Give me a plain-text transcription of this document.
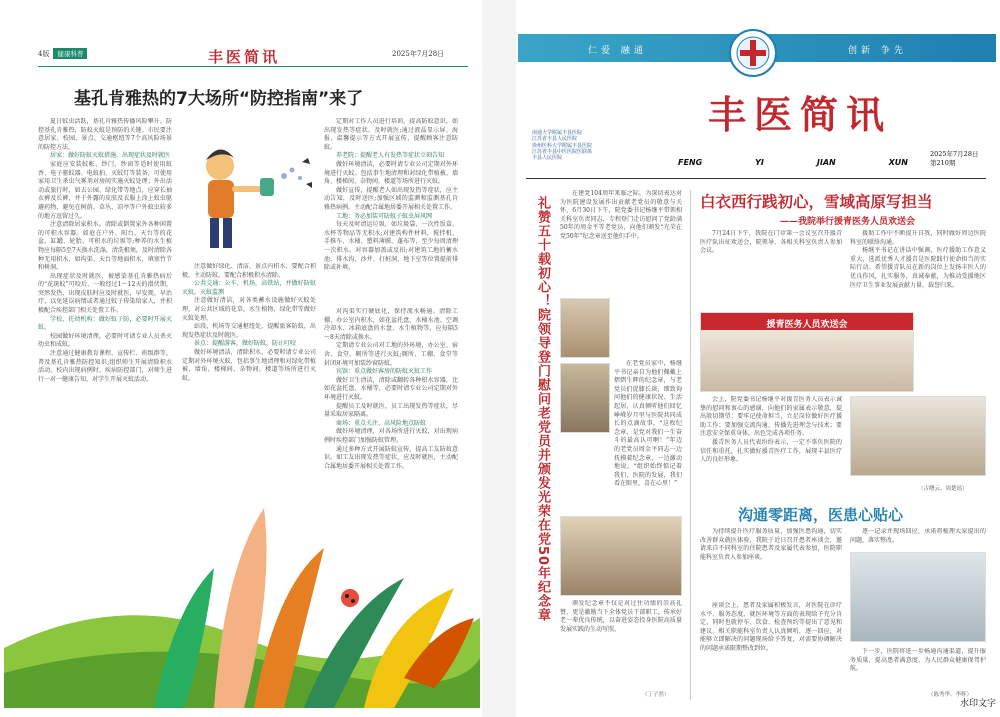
4版	健康科普	丰医简讯	2025年7月28日
基孔肯雅热的7大场所“防控指南”来了

夏日蚊虫活跃，基孔肯雅热传播风险攀升。防控基孔肯雅热，防蚊灭蚊是预防的关键。市民要注意居家、校园、景点、交通枢纽等7个高风险场景的防控方法。

居家：做好防蚊灭蚊措施，出现症状及时就医

家庭应安装蚊帐、纱门、纱窗等适时使用蚊香、电子驱蚊器、电蚊拍、灭蚊灯等装备，可使用家用卫生杀虫气雾剂对房间实施灭蚊处理；外出活动或旅行时，如去公园、绿化带等地点，应穿长袖衣裤及长裤，并于外露的皮肤及衣服上涂上蚊虫驱避药物，避免在树荫、草丛、凉亭等户外蚊虫较多的地方逗留过久。

注意清除居家积水。清除或倒置家外各种闲置的可积水容器。如庭在户外、阳台、天台等的花盆、缸罐、轮胎、可积水的垃圾等;种养的水生植物应每隔5至7天换水洗涤，清洗根须，及时清除各种无用积水，如沟渠、天台等地面积水，填塞竹节和树洞。

出现症状及时就医，被感染基孔肯雅热病后的“花斑蚊”可咬后，一般经过1～12天的潜伏期，突然发热、出现皮肤时应及时就医，早发现、早治疗，以免延误病情或者通过蚊子传染给家人，并积极配合疾控部门相关处置工作。

学校、托幼机构：做好蚊子防，必要时开展灭蚊。

校园做好环境清理，必要时可请专业人员杀灭幼虫和成蚊。

注意通过健康教育课程、宣传栏、班级群等，普及基孔肯雅热防控知识;组织师生开展清除积水活动。校内出现病例时，疾病防控部门，对师生进行一对一健康告知，对学生开展灭蚊活动。

注意做好绿化、清洁、景点内积水，要配合积极，主动防蚊，要配合积极积水清除。

公共交通：公车，机场，高铁站，并做好防蚊灭蚊，灭蚊监测

注意做好清洁，对各类蓄水设施做好灭蚊处理，对公共区域的花草，水生植物，绿化带等做好灭蚊处理。

站段，机场等交通枢纽处，提醒旅客防蚊，出现发热症状及时就医。

景点：提醒游客，做好防蚊，防止叮咬

做好环境清洁，清除积水，必要时请专业公司定期对外环境灭蚊，包括事生地清理和对绿化带植被、墙角、楼梯间、杂物间、楼道等场所进行灭蚊。

定期对工作人员进行培训，提高防蚊意识，如出现发热等症状，及时就医;通过液晶显示屏、海报、温馨提示等方式开展宣传，提醒顾客注意防蚊。

养老院：提醒老人有发热等症状立刻告知

做好环境清洁，必要时请专业公司定期对外环境进行灭蚊。包括事生地清理和对绿化带植被、墙角、楼梯间、杂物间，楼道等场所进行灭蚊。

做好宣传，提醒老人如出现发热等症状，应主动告知，及时送医;加强区域的监测和监测基孔肯雅热病例。主动配合属地居委开展相关处置工作。

工地：务必加装可防蚊子蚊虫屏风网

每天及时清运垃圾，如垃圾袋、一次性饭盒、水杯等物品等无积水;对建筑构件材料，搅拌机、手推车、水桶、塑料薄膜、蓬布等，至少每周清理一次积水。对容器加盖或反扣;对建筑工地的蓄水池、排水沟、沙井、打桩洞，地下室等位置提前排除或补填。

对沟渠实行硬底化，保持流水畅通。清除工棚、办公室内积水，如花盆托盘、水桶水池、空调冷却水、冰箱底盘的水盘、水生植物等，应每隔5～8天清除或换水。

定期请专业公司对工地的外环境，办公室、宿舍、食堂、厕所等进行灭蚊;厕所、工棚、食堂等封闭环境可加装纱窗防蚊。

宾馆：重点做好客房的防蚊灭蚊工作

做好卫生清洁，清除或翻转各种积水容器，比如花盆托盘、水桶等，必要时请专业公司定期对外环境进行灭蚊。

提醒员工及时就医，员工出现发热等症状，尽量采取居家隔离。

商场：重点关注、高风险地点防蚊

做好环境清理，对各场所进行灭蚊，对出现病例时疾控部门加强防蚊管理。

通过多种方式开展防蚊宣传，提高工友防蚊意识。如工友出现发热等症状，应及时就医，主动配合属地居委开展相关处置工作。

仁爱 融通	创新 争先
丰医简讯
FENG	YI	JIAN	XUN
2025年7月28日
第210期
南通大学附属丰县医院
江苏省丰县人民医院
徐州医科大学附属丰县医院
江苏省丰县中医医院医联体
丰县人民医院
礼赞五十载初心！院领导登门慰问老党员并颁发光荣在党50年纪念章

在建党104周年来临之际，为深切表达对为医院建设发展作出贡献老党员的敬意与关怀，6月30日下午，院党委书记杨继平带领相关科室负责同志，专程登门走访慰问了党龄满50年的周金平等老党员，向他们颁发“光荣在党50年”纪念章送至他们手中。

在老党员家中，杨继平书记亲自为他们佩戴上熠熠生辉的纪念章，与老党员们促膝长谈，细致询问他们的健康状况、生活起居，认真倾听他们回忆峥嵘岁月里与医院共同成长的点滴故事，“这枚纪念章，是党对我们一生奋斗的最高认可啊！”年迈的老党员周金平同志一边抚摸着纪念章，一边激动地说，“组织始终惦记着我们，医院的发展，我们看在眼里，喜在心里！”

颁发纪念章不仅是对过往功绩的崇高礼赞，更是激励当下全体党员干部职工，传承好老一辈优良传统，以奋进姿态投身医院高质量发展实践的生动写照。

（丁子然）
白衣西行践初心，雪域高原写担当
——我院举行援青医务人员欢送会

7月24日下午，我院在门诊第一会议室召开援青医疗队出征欢送会，院领导、各相关科室负责人参加会议。

援助工作中不断提升自我，同时做好周边医院科室的联络沟通。

杨继平书记在讲话中强调，医疗援助工作意义重大，选派优秀人才援青是医院践行使命担当的实际行动。希望援青队员在新的岗位上发扬丰医人的优良作风，扎实服务，真诚奉献，为推动受援地区医疗卫生事业发展贡献力量，载誉归来。

援青医务人员欢送会

会上，院党委书记杨继平对援青医务人员表示诚挚的慰问和衷心的感谢，向他们的家属表示敬意，提出殷切期望：要牢记使命担当，立足岗位做好医疗援助工作；要加强交流沟通，传播先进理念与技术；要注意安全保重身体，出色完成各项任务。

援青医务人员代表纷纷表示，一定不辜负医院的信任和重托，扎实做好援青医疗工作，展现丰县医疗人的良好形象。

（古曙云、周楚瑶）
沟通零距离，医患心贴心

为持续提升医疗服务质量，加强医患沟通，切实改善群众就医体验，我院于近日召开患者座谈会，邀请来自不同科室的住院患者及家属代表参加，医院职能科室负责人参加座谈。

逐一记录并现场回应，承诺将梳理大家提出的问题，落实整改。

座谈会上，患者及家属积极发言，对医院在诊疗水平、服务态度、就医环境等方面的表现给予充分肯定，同时也就停车、饮食、检查预约等提出了意见和建议。相关职能科室负责人认真倾听，逐一回应，对能够立即解决的问题现场给予答复，对需要协调解决的问题承诺限期整改到位。	下一步，医院将进一步畅通沟通渠道，提升服务质量，提高患者满意度，为人民群众健康保驾护航。

（陈秀华、李辉）
水印文字
